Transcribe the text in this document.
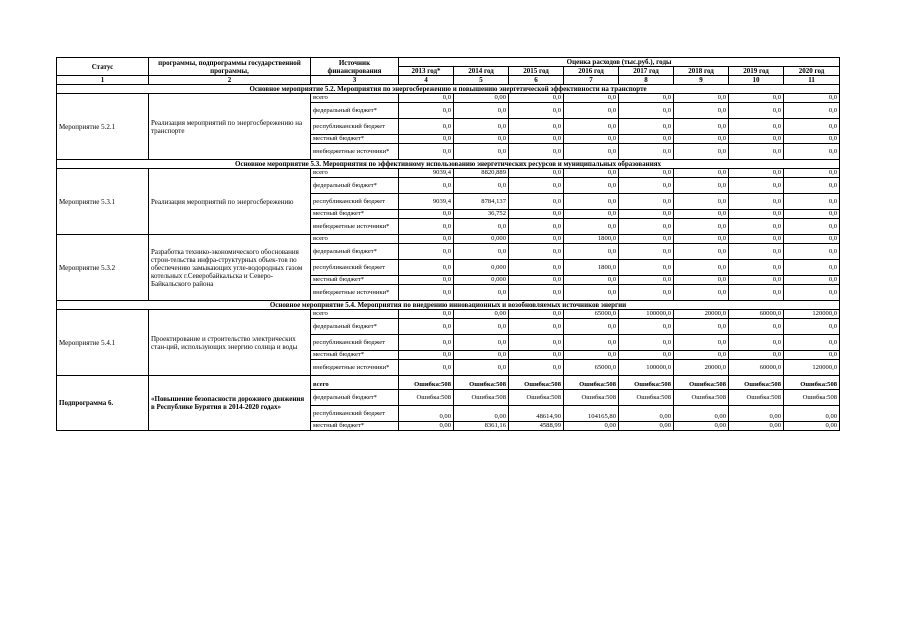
Статус	программы, подпрограммы государственной программы,	Источник финансирования	Оценка расходов (тыс.руб.), годы							
			2013 год*	2014 год	2015 год	2016 год	2017 год	2018 год	2019 год	2020 год
1	2	3	4	5	6	7	8	9	10	11
Основное мероприятие 5.2. Мероприятия по энергосбережению и повышению энергетической эффективности на транспорте										
Мероприятие 5.2.1	Реализация мероприятий по энергосбережению на транспорте	всего	0,0	0,00	0,0	0,0	0,0	0,0	0,0	0,0
		федеральный бюджет*	0,0	0,0	0,0	0,0	0,0	0,0	0,0	0,0
		республиканский бюджет	0,0	0,0	0,0	0,0	0,0	0,0	0,0	0,0
		местный бюджет*	0,0	0,0	0,0	0,0	0,0	0,0	0,0	0,0
		внебюджетные источники*	0,0	0,0	0,0	0,0	0,0	0,0	0,0	0,0
Основное мероприятие 5.3. Мероприятия по эффективному использованию энергетических ресурсов и муниципальных образованиях										
Мероприятие 5.3.1	Реализация мероприятий по энергосбережению	всего	9039,4	8820,889	0,0	0,0	0,0	0,0	0,0	0,0
		федеральный бюджет*	0,0	0,0	0,0	0,0	0,0	0,0	0,0	0,0
		республиканский бюджет	9039,4	8784,137	0,0	0,0	0,0	0,0	0,0	0,0
		местный бюджет*	0,0	36,752	0,0	0,0	0,0	0,0	0,0	0,0
		внебюджетные источники*	0,0	0,0	0,0	0,0	0,0	0,0	0,0	0,0
Мероприятие 5.3.2	Разработка технико-экономического обоснования строи-тельства инфра-структурных объек-тов по обеспечению замыкающих угле-водородных газом котельных г.Северобайкальска и Северо-Байкальского района	всего	0,0	0,000	0,0	1800,0	0,0	0,0	0,0	0,0
		федеральный бюджет*	0,0	0,0	0,0	0,0	0,0	0,0	0,0	0,0
		республиканский бюджет	0,0	0,000	0,0	1800,0	0,0	0,0	0,0	0,0
		местный бюджет*	0,0	0,000	0,0	0,0	0,0	0,0	0,0	0,0
		внебюджетные источники*	0,0	0,0	0,0	0,0	0,0	0,0	0,0	0,0
Основное мероприятие 5.4. Мероприятия по внедрению инновационных и возобновляемых источников энергии										
Мероприятие 5.4.1	Проектирование и строительство электрических стан-ций, использующих энергию солнца и воды	всего	0,0	0,00	0,0	65000,0	100000,0	20000,0	60000,0	120000,0
		федеральный бюджет*	0,0	0,0	0,0	0,0	0,0	0,0	0,0	0,0
		республиканский бюджет	0,0	0,0	0,0	0,0	0,0	0,0	0,0	0,0
		местный бюджет*	0,0	0,0	0,0	0,0	0,0	0,0	0,0	0,0
		внебюджетные источники*	0,0	0,0	0,0	65000,0	100000,0	20000,0	60000,0	120000,0
Подпрограмма 6.	«Повышение безопасности дорожного движения в Республике Бурятия в 2014-2020 годах»	всего	Ошибка:508	Ошибка:508	Ошибка:508	Ошибка:508	Ошибка:508	Ошибка:508	Ошибка:508	Ошибка:508
		федеральный бюджет*	Ошибка:508	Ошибка:508	Ошибка:508	Ошибка:508	Ошибка:508	Ошибка:508	Ошибка:508	Ошибка:508
		республиканский бюджет	0,00	0,00	48614,90	104165,80	0,00	0,00	0,00	0,00
		местный бюджет*	0,00	8361,16	4588,99	0,00	0,00	0,00	0,00	0,00
